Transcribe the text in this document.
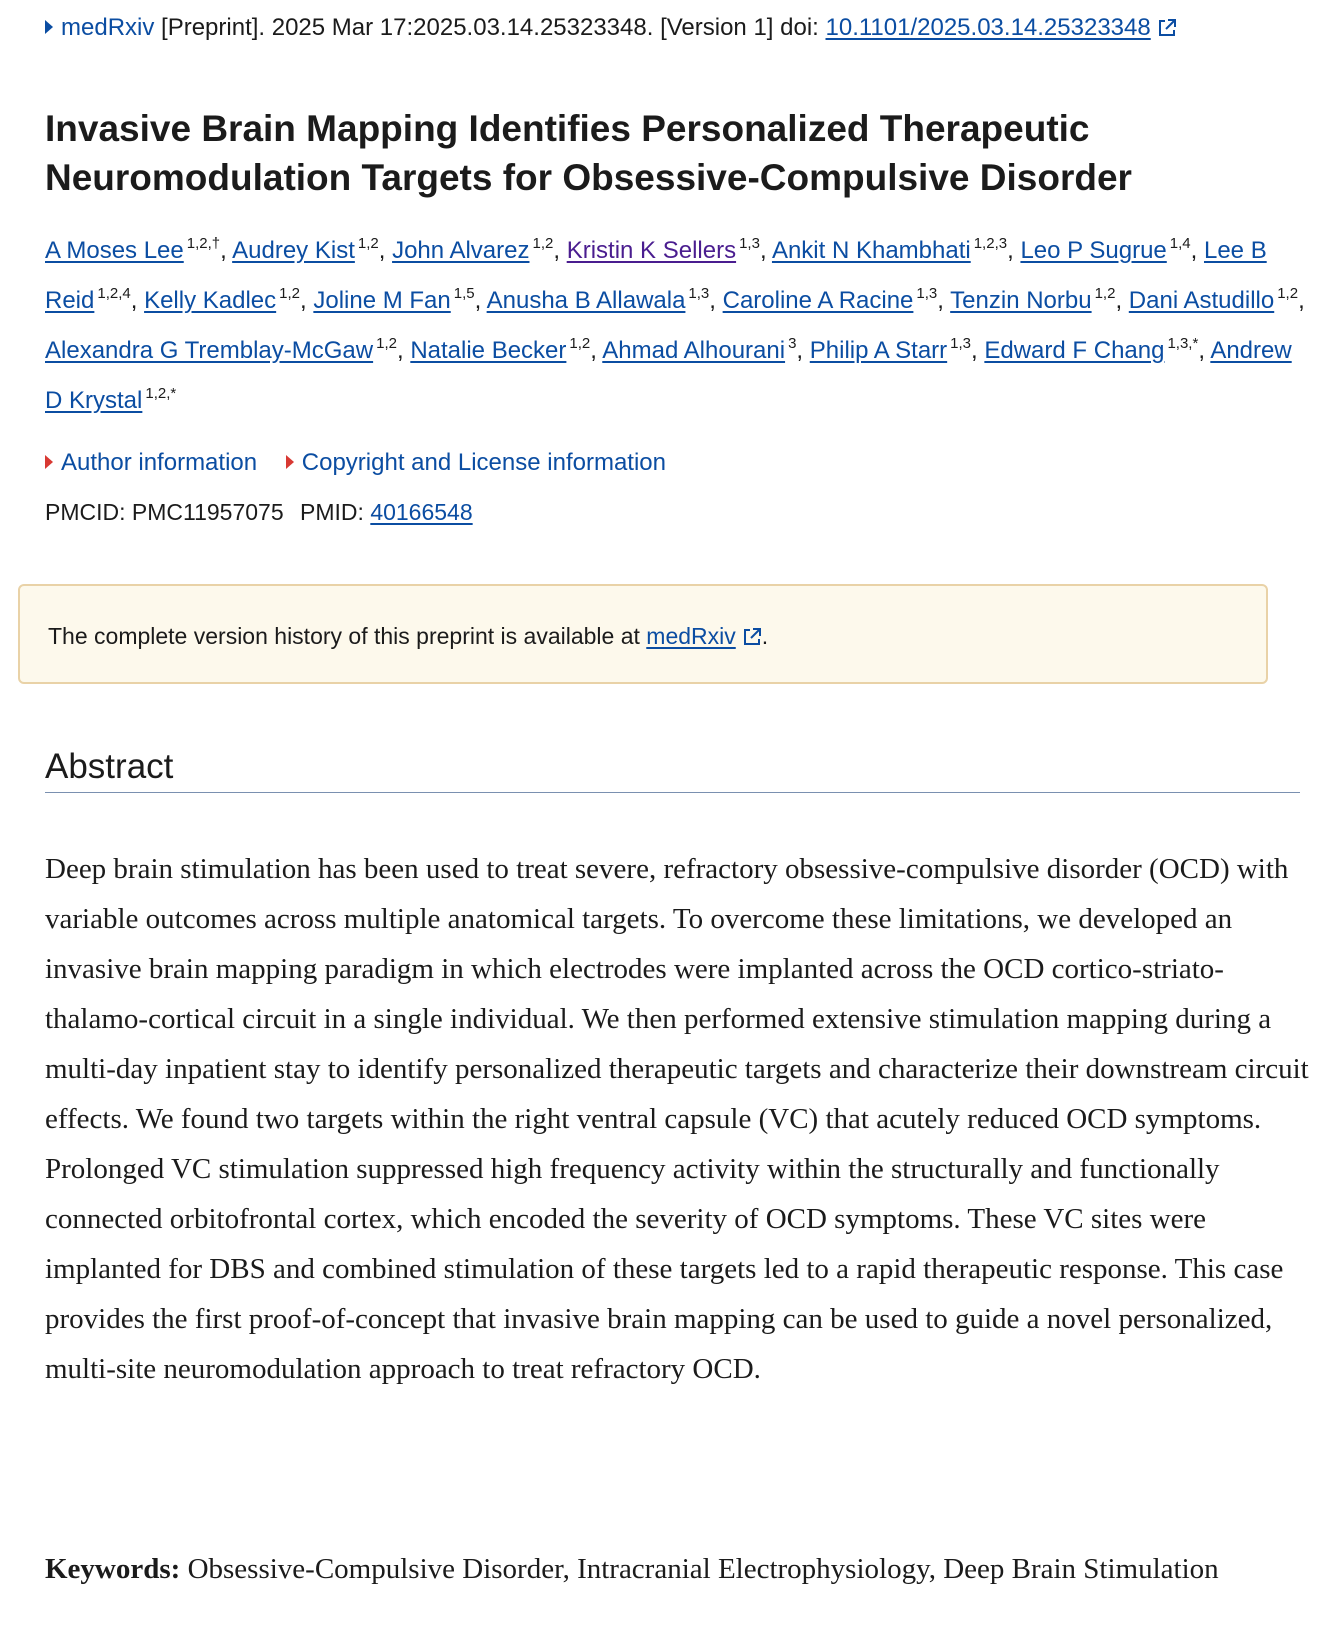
medRxiv [Preprint]. 2025 Mar 17:2025.03.14.25323348. [Version 1] doi: 10.1101/2025.03.14.25323348
Invasive Brain Mapping Identifies Personalized Therapeutic
Neuromodulation Targets for Obsessive-Compulsive Disorder
A Moses Lee $^{1,2,\dagger}$, Audrey Kist $^{1,2}$, John Alvarez $^{1,2}$, Kristin K Sellers $^{1,3}$, Ankit N Khambhati $^{1,2,3}$, Leo P Sugrue $^{1,4}$, Lee B Reid $^{1,2,4}$, Kelly Kadlec $^{1,2}$, Joline M Fan $^{1,5}$, Anusha B Allawala $^{1,3}$, Caroline A Racine $^{1,3}$, Tenzin Norbu $^{1,2}$, Dani Astudillo $^{1,2}$, Alexandra G Tremblay-McGaw $^{1,2}$, Natalie Becker $^{1,2}$, Ahmad Alhourani $^3$, Philip A Starr $^{1,3}$, Edward F Chang $^{1,3,*}$, Andrew D Krystal $^{1,2,*}$
Author information Copyright and License information
PMCID: PMC11957075 PMID: 40166548
The complete version history of this preprint is available at medRxiv .
Abstract

Deep brain stimulation has been used to treat severe, refractory obsessive-compulsive disorder (OCD) with variable outcomes across multiple anatomical targets. To overcome these limitations, we developed an invasive brain mapping paradigm in which electrodes were implanted across the OCD cortico-striato-thalamo-cortical circuit in a single individual. We then performed extensive stimulation mapping during a multi-day inpatient stay to identify personalized therapeutic targets and characterize their downstream circuit effects. We found two targets within the right ventral capsule (VC) that acutely reduced OCD symptoms. Prolonged VC stimulation suppressed high frequency activity within the structurally and functionally connected orbitofrontal cortex, which encoded the severity of OCD symptoms. These VC sites were implanted for DBS and combined stimulation of these targets led to a rapid therapeutic response. This case provides the first proof-of-concept that invasive brain mapping can be used to guide a novel personalized, multi-site neuromodulation approach to treat refractory OCD.

Keywords: Obsessive-Compulsive Disorder, Intracranial Electrophysiology, Deep Brain Stimulation
